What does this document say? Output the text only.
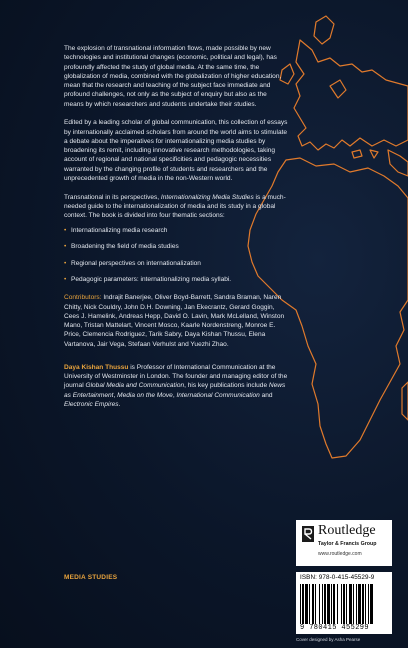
The explosion of transnational information flows, made possible by new technologies and institutional changes (economic, political and legal), has profoundly affected the study of global media. At the same time, the globalization of media, combined with the globalization of higher education, mean that the research and teaching of the subject face immediate and profound challenges, not only as the subject of enquiry but also as the means by which researchers and students undertake their studies.

Edited by a leading scholar of global communication, this collection of essays by internationally acclaimed scholars from around the world aims to stimulate a debate about the imperatives for internationalizing media studies by broadening its remit, including innovative research methodologies, taking account of regional and national specificities and pedagogic necessities warranted by the changing profile of students and researchers and the unprecedented growth of media in the non-Western world.

Transnational in its perspectives, Internationalizing Media Studies is a much-needed guide to the internationalization of media and its study in a global context. The book is divided into four thematic sections:

• Internationalizing media research
• Broadening the field of media studies
• Regional perspectives on internationalization
• Pedagogic parameters: internationalizing media syllabi.

Contributors: Indrajit Banerjee, Oliver Boyd-Barrett, Sandra Braman, Naren Chitty, Nick Couldry, John D.H. Downing, Jan Ekecrantz, Gerard Goggin, Cees J. Hamelink, Andreas Hepp, David O. Lavin, Mark McLelland, Winston Mano, Tristan Mattelart, Vincent Mosco, Kaarle Nordenstreng, Monroe E. Price, Clemencia Rodriguez, Tarik Sabry, Daya Kishan Thussu, Elena Vartanova, Jair Vega, Stefaan Verhulst and Yuezhi Zhao.

Daya Kishan Thussu is Professor of International Communication at the University of Westminster in London. The founder and managing editor of the journal Global Media and Communication, his key publications include News as Entertainment, Media on the Move, International Communication and Electronic Empires.

MEDIA STUDIES
Routledge
Taylor & Francis Group
www.routledge.com
ISBN: 978-0-415-45529-9
9 780415 455299
Cover designed by Asha Pearse
